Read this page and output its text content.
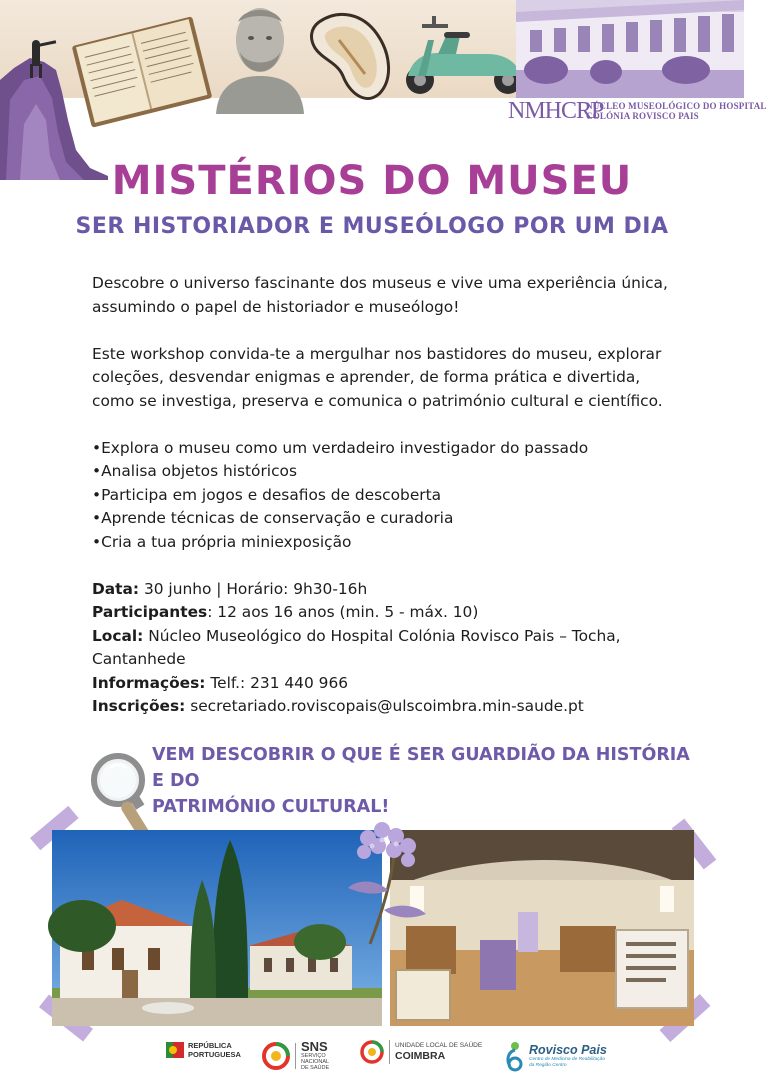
NMHCRP
NÚCLEO MUSEOLÓGICO DO HOSPITAL
COLÓNIA ROVISCO PAIS
MISTÉRIOS DO MUSEU
SER HISTORIADOR E MUSEÓLOGO POR UM DIA
Descobre o universo fascinante dos museus e vive uma experiência única,
assumindo o papel de historiador e museólogo!
Este workshop convida-te a mergulhar nos bastidores do museu, explorar
coleções, desvendar enigmas e aprender, de forma prática e divertida,
como se investiga, preserva e comunica o património cultural e científico.
•Explora o museu como um verdadeiro investigador do passado
•Analisa objetos históricos
•Participa em jogos e desafios de descoberta
•Aprende técnicas de conservação e curadoria
•Cria a tua própria miniexposição
Data: 30 junho | Horário: 9h30-16h
Participantes: 12 aos 16 anos (min. 5 - máx. 10)
Local: Núcleo Museológico do Hospital Colónia Rovisco Pais – Tocha,
Cantanhede
Informações: Telf.: 231 440 966
Inscrições: secretariado.roviscopais@ulscoimbra.min-saude.pt
VEM DESCOBRIR O QUE É SER GUARDIÃO DA HISTÓRIA E DO
PATRIMÓNIO CULTURAL!
REPÚBLICA
PORTUGUESA
SNS
SERVIÇO NACIONAL
DE SAÚDE
UNIDADE LOCAL DE SAÚDE
COIMBRA	Rovisco Pais
Centro de Medicina de Reabilitação
da Região Centro
